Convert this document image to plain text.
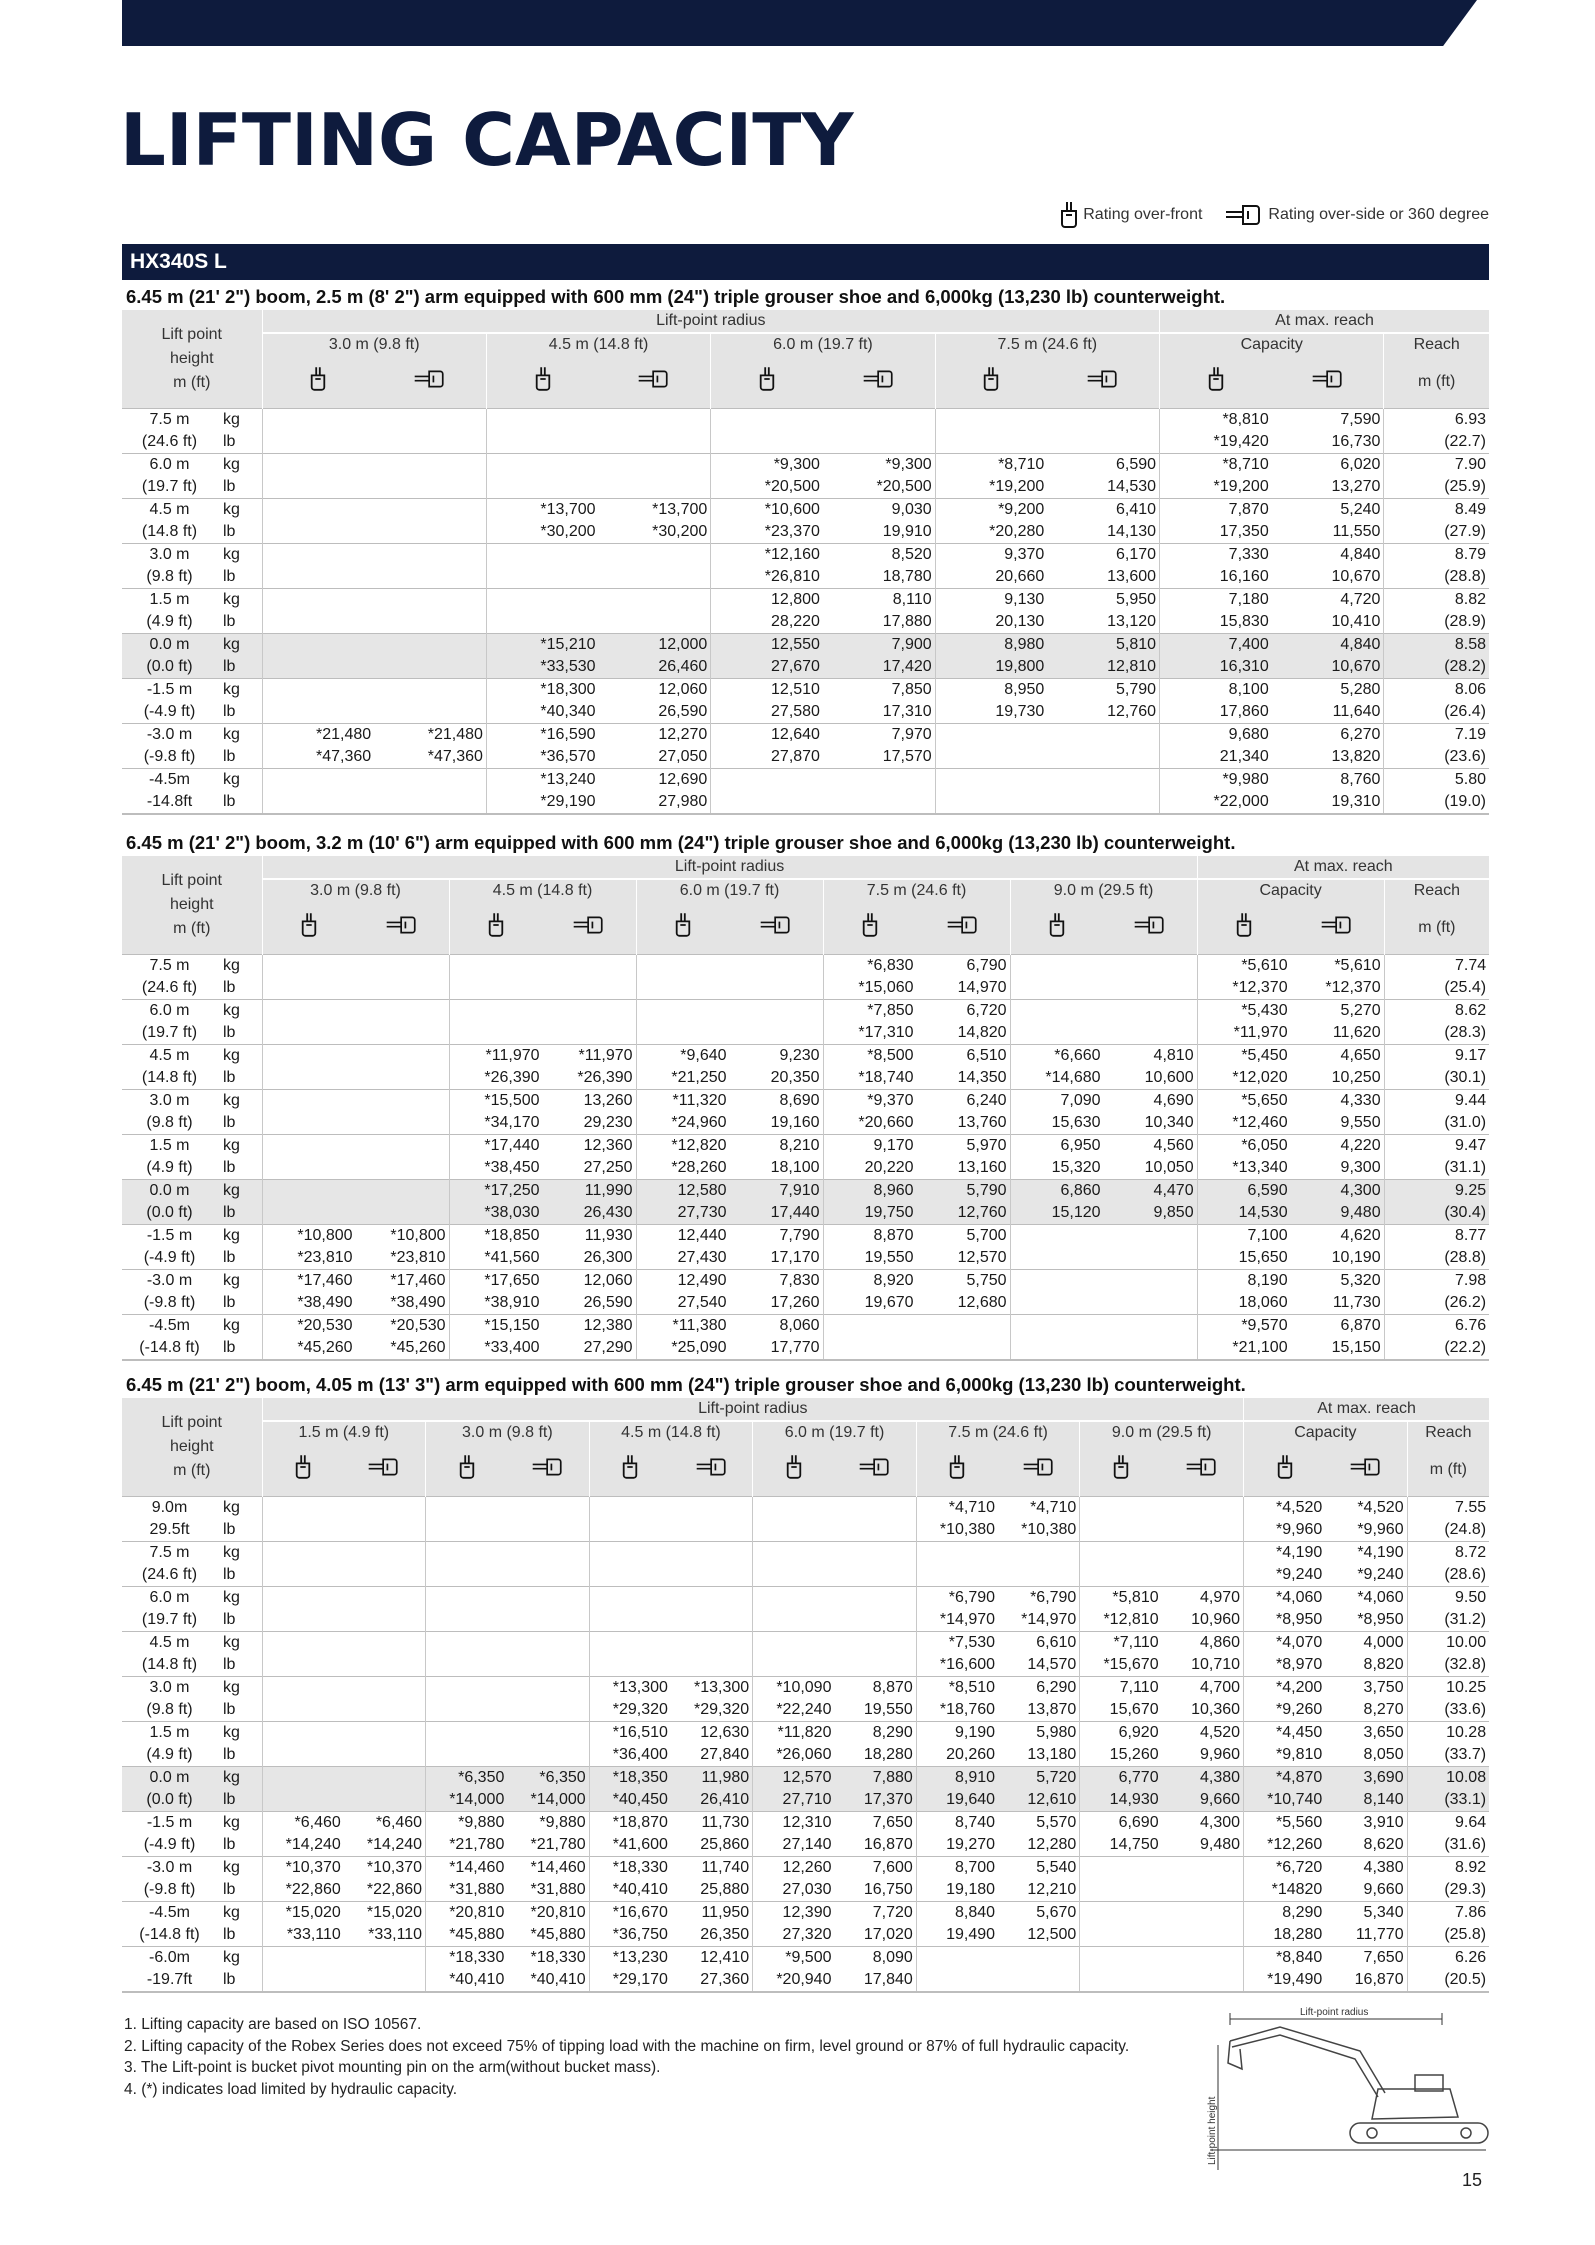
LIFTING CAPACITY
Rating over-front	Rating over-side or 360 degree
HX340S L
6.45 m (21' 2") boom, 2.5 m (8' 2") arm equipped with 600 mm (24") triple grouser shoe and 6,000kg (13,230 lb) counterweight.
Lift point
height
m (ft)		Lift-point radius								At max. reach		
		3.0 m (9.8 ft)		4.5 m (14.8 ft)		6.0 m (19.7 ft)		7.5 m (24.6 ft)		Capacity		Reach
										m (ft)
7.5 m	kg									*8,810	7,590	6.93
(24.6 ft)	lb									*19,420	16,730	(22.7)
6.0 m	kg					*9,300	*9,300	*8,710	6,590	*8,710	6,020	7.90
(19.7 ft)	lb					*20,500	*20,500	*19,200	14,530	*19,200	13,270	(25.9)
4.5 m	kg			*13,700	*13,700	*10,600	9,030	*9,200	6,410	7,870	5,240	8.49
(14.8 ft)	lb			*30,200	*30,200	*23,370	19,910	*20,280	14,130	17,350	11,550	(27.9)
3.0 m	kg					*12,160	8,520	9,370	6,170	7,330	4,840	8.79
(9.8 ft)	lb					*26,810	18,780	20,660	13,600	16,160	10,670	(28.8)
1.5 m	kg					12,800	8,110	9,130	5,950	7,180	4,720	8.82
(4.9 ft)	lb					28,220	17,880	20,130	13,120	15,830	10,410	(28.9)
0.0 m	kg			*15,210	12,000	12,550	7,900	8,980	5,810	7,400	4,840	8.58
(0.0 ft)	lb			*33,530	26,460	27,670	17,420	19,800	12,810	16,310	10,670	(28.2)
-1.5 m	kg			*18,300	12,060	12,510	7,850	8,950	5,790	8,100	5,280	8.06
(-4.9 ft)	lb			*40,340	26,590	27,580	17,310	19,730	12,760	17,860	11,640	(26.4)
-3.0 m	kg	*21,480	*21,480	*16,590	12,270	12,640	7,970			9,680	6,270	7.19
(-9.8 ft)	lb	*47,360	*47,360	*36,570	27,050	27,870	17,570			21,340	13,820	(23.6)
-4.5m	kg			*13,240	12,690					*9,980	8,760	5.80
-14.8ft	lb			*29,190	27,980					*22,000	19,310	(19.0)
6.45 m (21' 2") boom, 3.2 m (10' 6") arm equipped with 600 mm (24") triple grouser shoe and 6,000kg (13,230 lb) counterweight.
Lift point
height
m (ft)		Lift-point radius										At max. reach		
		3.0 m (9.8 ft)		4.5 m (14.8 ft)		6.0 m (19.7 ft)		7.5 m (24.6 ft)		9.0 m (29.5 ft)		Capacity		Reach
												m (ft)
7.5 m	kg							*6,830	6,790			*5,610	*5,610	7.74
(24.6 ft)	lb							*15,060	14,970			*12,370	*12,370	(25.4)
6.0 m	kg							*7,850	6,720			*5,430	5,270	8.62
(19.7 ft)	lb							*17,310	14,820			*11,970	11,620	(28.3)
4.5 m	kg			*11,970	*11,970	*9,640	9,230	*8,500	6,510	*6,660	4,810	*5,450	4,650	9.17
(14.8 ft)	lb			*26,390	*26,390	*21,250	20,350	*18,740	14,350	*14,680	10,600	*12,020	10,250	(30.1)
3.0 m	kg			*15,500	13,260	*11,320	8,690	*9,370	6,240	7,090	4,690	*5,650	4,330	9.44
(9.8 ft)	lb			*34,170	29,230	*24,960	19,160	*20,660	13,760	15,630	10,340	*12,460	9,550	(31.0)
1.5 m	kg			*17,440	12,360	*12,820	8,210	9,170	5,970	6,950	4,560	*6,050	4,220	9.47
(4.9 ft)	lb			*38,450	27,250	*28,260	18,100	20,220	13,160	15,320	10,050	*13,340	9,300	(31.1)
0.0 m	kg			*17,250	11,990	12,580	7,910	8,960	5,790	6,860	4,470	6,590	4,300	9.25
(0.0 ft)	lb			*38,030	26,430	27,730	17,440	19,750	12,760	15,120	9,850	14,530	9,480	(30.4)
-1.5 m	kg	*10,800	*10,800	*18,850	11,930	12,440	7,790	8,870	5,700			7,100	4,620	8.77
(-4.9 ft)	lb	*23,810	*23,810	*41,560	26,300	27,430	17,170	19,550	12,570			15,650	10,190	(28.8)
-3.0 m	kg	*17,460	*17,460	*17,650	12,060	12,490	7,830	8,920	5,750			8,190	5,320	7.98
(-9.8 ft)	lb	*38,490	*38,490	*38,910	26,590	27,540	17,260	19,670	12,680			18,060	11,730	(26.2)
-4.5m	kg	*20,530	*20,530	*15,150	12,380	*11,380	8,060					*9,570	6,870	6.76
(-14.8 ft)	lb	*45,260	*45,260	*33,400	27,290	*25,090	17,770					*21,100	15,150	(22.2)
6.45 m (21' 2") boom, 4.05 m (13' 3") arm equipped with 600 mm (24") triple grouser shoe and 6,000kg (13,230 lb) counterweight.
Lift point
height
m (ft)		Lift-point radius												At max. reach		
		1.5 m (4.9 ft)		3.0 m (9.8 ft)		4.5 m (14.8 ft)		6.0 m (19.7 ft)		7.5 m (24.6 ft)		9.0 m (29.5 ft)		Capacity		Reach
														m (ft)
9.0m	kg									*4,710	*4,710			*4,520	*4,520	7.55
29.5ft	lb									*10,380	*10,380			*9,960	*9,960	(24.8)
7.5 m	kg													*4,190	*4,190	8.72
(24.6 ft)	lb													*9,240	*9,240	(28.6)
6.0 m	kg									*6,790	*6,790	*5,810	4,970	*4,060	*4,060	9.50
(19.7 ft)	lb									*14,970	*14,970	*12,810	10,960	*8,950	*8,950	(31.2)
4.5 m	kg									*7,530	6,610	*7,110	4,860	*4,070	4,000	10.00
(14.8 ft)	lb									*16,600	14,570	*15,670	10,710	*8,970	8,820	(32.8)
3.0 m	kg					*13,300	*13,300	*10,090	8,870	*8,510	6,290	7,110	4,700	*4,200	3,750	10.25
(9.8 ft)	lb					*29,320	*29,320	*22,240	19,550	*18,760	13,870	15,670	10,360	*9,260	8,270	(33.6)
1.5 m	kg					*16,510	12,630	*11,820	8,290	9,190	5,980	6,920	4,520	*4,450	3,650	10.28
(4.9 ft)	lb					*36,400	27,840	*26,060	18,280	20,260	13,180	15,260	9,960	*9,810	8,050	(33.7)
0.0 m	kg			*6,350	*6,350	*18,350	11,980	12,570	7,880	8,910	5,720	6,770	4,380	*4,870	3,690	10.08
(0.0 ft)	lb			*14,000	*14,000	*40,450	26,410	27,710	17,370	19,640	12,610	14,930	9,660	*10,740	8,140	(33.1)
-1.5 m	kg	*6,460	*6,460	*9,880	*9,880	*18,870	11,730	12,310	7,650	8,740	5,570	6,690	4,300	*5,560	3,910	9.64
(-4.9 ft)	lb	*14,240	*14,240	*21,780	*21,780	*41,600	25,860	27,140	16,870	19,270	12,280	14,750	9,480	*12,260	8,620	(31.6)
-3.0 m	kg	*10,370	*10,370	*14,460	*14,460	*18,330	11,740	12,260	7,600	8,700	5,540			*6,720	4,380	8.92
(-9.8 ft)	lb	*22,860	*22,860	*31,880	*31,880	*40,410	25,880	27,030	16,750	19,180	12,210			*14820	9,660	(29.3)
-4.5m	kg	*15,020	*15,020	*20,810	*20,810	*16,670	11,950	12,390	7,720	8,840	5,670			8,290	5,340	7.86
(-14.8 ft)	lb	*33,110	*33,110	*45,880	*45,880	*36,750	26,350	27,320	17,020	19,490	12,500			18,280	11,770	(25.8)
-6.0m	kg			*18,330	*18,330	*13,230	12,410	*9,500	8,090					*8,840	7,650	6.26
-19.7ft	lb			*40,410	*40,410	*29,170	27,360	*20,940	17,840					*19,490	16,870	(20.5)
1. Lifting capacity are based on ISO 10567.
2. Lifting capacity of the Robex Series does not exceed 75% of tipping load with the machine on firm, level ground or 87% of full hydraulic capacity.
3. The Lift-point is bucket pivot mounting pin on the arm(without bucket mass).
4. (*) indicates load limited by hydraulic capacity.
Lift-point radius
Lift-point height
15
